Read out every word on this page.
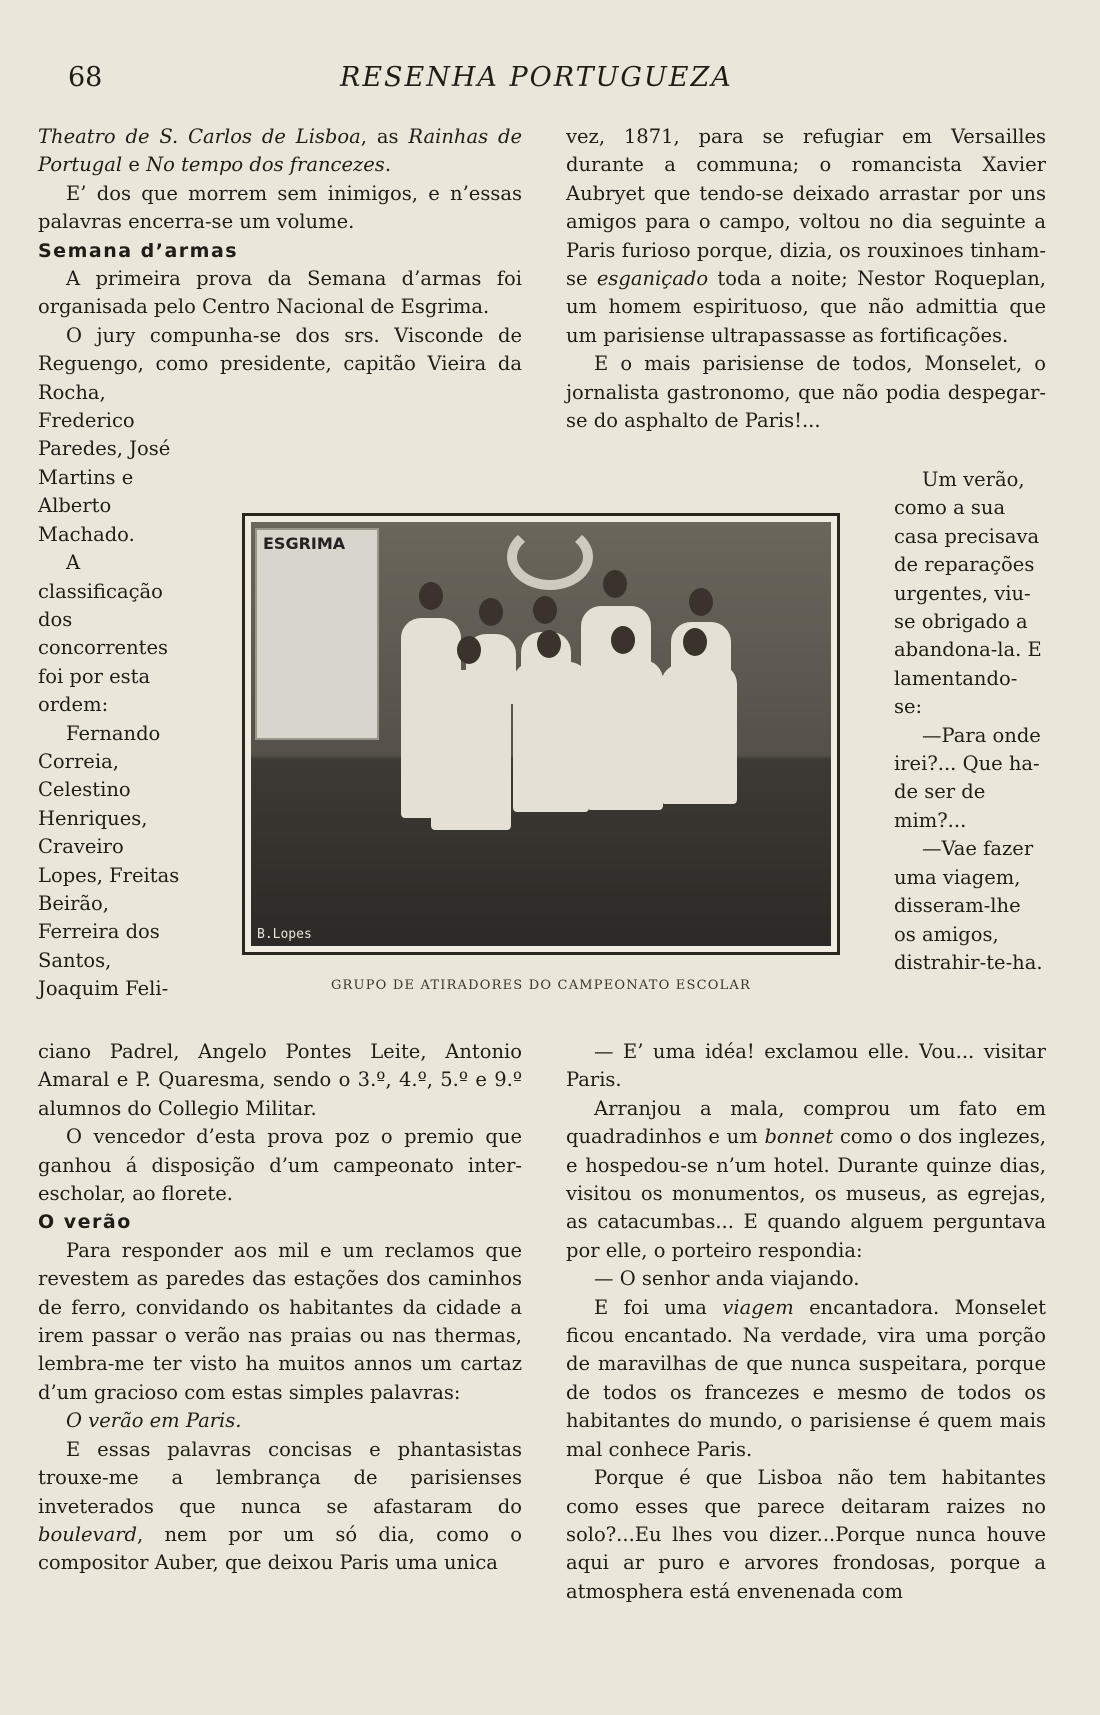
68	RESENHA PORTUGUEZA

Theatro de S. Carlos de Lisboa, as Rainhas de Portugal e No tempo dos francezes.

E’ dos que morrem sem inimigos, e n’essas palavras encerra-se um volume.

Semana d’armas

A primeira prova da Semana d’armas foi organisada pelo Centro Nacional de Esgrima.

O jury compunha-se dos srs. Visconde de Reguengo, como presidente, capitão Vieira da Rocha,

Frederico Paredes, José Martins e Alberto Machado.

A classificação dos concorrentes foi por esta ordem:

Fernando Correia, Celestino Henriques, Craveiro Lopes, Freitas Beirão, Ferreira dos Santos, Joaquim Feli-

ciano Padrel, Angelo Pontes Leite, Antonio Amaral e P. Quaresma, sendo o 3.º, 4.º, 5.º e 9.º alumnos do Collegio Militar.

O vencedor d’esta prova poz o premio que ganhou á disposição d’um campeonato inter-escholar, ao florete.

O verão

Para responder aos mil e um reclamos que revestem as paredes das estações dos caminhos de ferro, convidando os habitantes da cidade a irem passar o verão nas praias ou nas thermas, lembra-me ter visto ha muitos annos um cartaz d’um gracioso com estas simples palavras:

O verão em Paris.

E essas palavras concisas e phantasistas trouxe-me a lembrança de parisienses inveterados que nunca se afastaram do boulevard, nem por um só dia, como o compositor Auber, que deixou Paris uma unica

vez, 1871, para se refugiar em Versailles durante a communa; o romancista Xavier Aubryet que tendo-se deixado arrastar por uns amigos para o campo, voltou no dia seguinte a Paris furioso porque, dizia, os rouxinoes tinham-se esganiçado toda a noite; Nestor Roqueplan, um homem espirituoso, que não admittia que um parisiense ultrapassasse as fortificações.

E o mais parisiense de todos, Monselet, o jornalista gastronomo, que não podia despegar-se do asphalto de Paris!...

Um verão, como a sua casa precisava de reparações urgentes, viu-se obrigado a abandona-la. E lamentando-se:

—Para onde irei?... Que ha-de ser de mim?...

—Vae fazer uma viagem, disseram-lhe os amigos, distrahir-te-ha.

— E’ uma idéa! exclamou elle. Vou... visitar Paris.

Arranjou a mala, comprou um fato em quadradinhos e um bonnet como o dos inglezes, e hospedou-se n’um hotel. Durante quinze dias, visitou os monumentos, os museus, as egrejas, as catacumbas... E quando alguem perguntava por elle, o porteiro respondia:

— O senhor anda viajando.

E foi uma viagem encantadora. Monselet ficou encantado. Na verdade, vira uma porção de maravilhas de que nunca suspeitara, porque de todos os francezes e mesmo de todos os habitantes do mundo, o parisiense é quem mais mal conhece Paris.

Porque é que Lisboa não tem habitantes como esses que parece deitaram raizes no solo?...Eu lhes vou dizer...Porque nunca houve aqui ar puro e arvores frondosas, porque a atmosphera está envenenada com

ESGRIMA
B.Lopes
GRUPO DE ATIRADORES DO CAMPEONATO ESCOLAR
